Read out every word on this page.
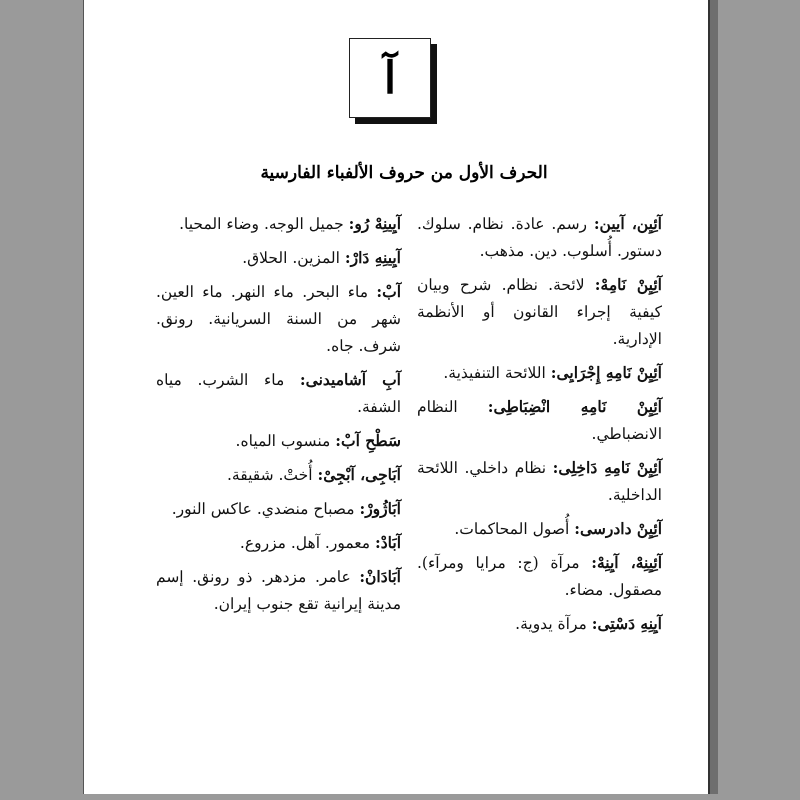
آ
الحرف الأول من حروف الألفباء الفارسية
آئِيِن، آيين: رسم. عادة. نظام. سلوك. دستور. أُسلوب. دين. مذهب.
آئِيِنْ نَامِهْ: لائحة. نظام. شرح وبيان كيفية إجراء القانون أو الأنظمة الإدارية.
آئِيِنْ نَامِهِ إِجْرَايِى: اللائحة التنفيذية.
آئِيِنْ نَامِهِ انْضِبَاطِى: النظام الانضباطي.
آئِيِنْ نَامِهِ دَاخِلِى: نظام داخلي. اللائحة الداخلية.
آئِيِنْ دادرسى: أُصول المحاكمات.
آئِيِنِهْ، آيِنِهْ: مرآة (ج: مرايا ومرآء). مصقول. مضاء.
آيِنِهِ دَسْتِى: مرآة يدوية.
آيِينِهْ رُو: جميل الوجه. وضاء المحيا.
آيِينِهِ دَارْ: المزين. الحلاق.
آبْ: ماء البحر. ماء النهر. ماء العين. شهر من السنة السريانية. رونق. شرف. جاه.
آبِ آشاميدنى: ماء الشرب. مياه الشفة.
سَطْحِ آبْ: منسوب المياه.
آبَاجِى، آبْجِىْ: أُختْ. شقيقة.
آبَاژُورْ: مصباح منضدي. عاكس النور.
آبَادْ: معمور. آهل. مزروع.
آبَادَانْ: عامر. مزدهر. ذو رونق. إسم مدينة إيرانية تقع جنوب إيران.
